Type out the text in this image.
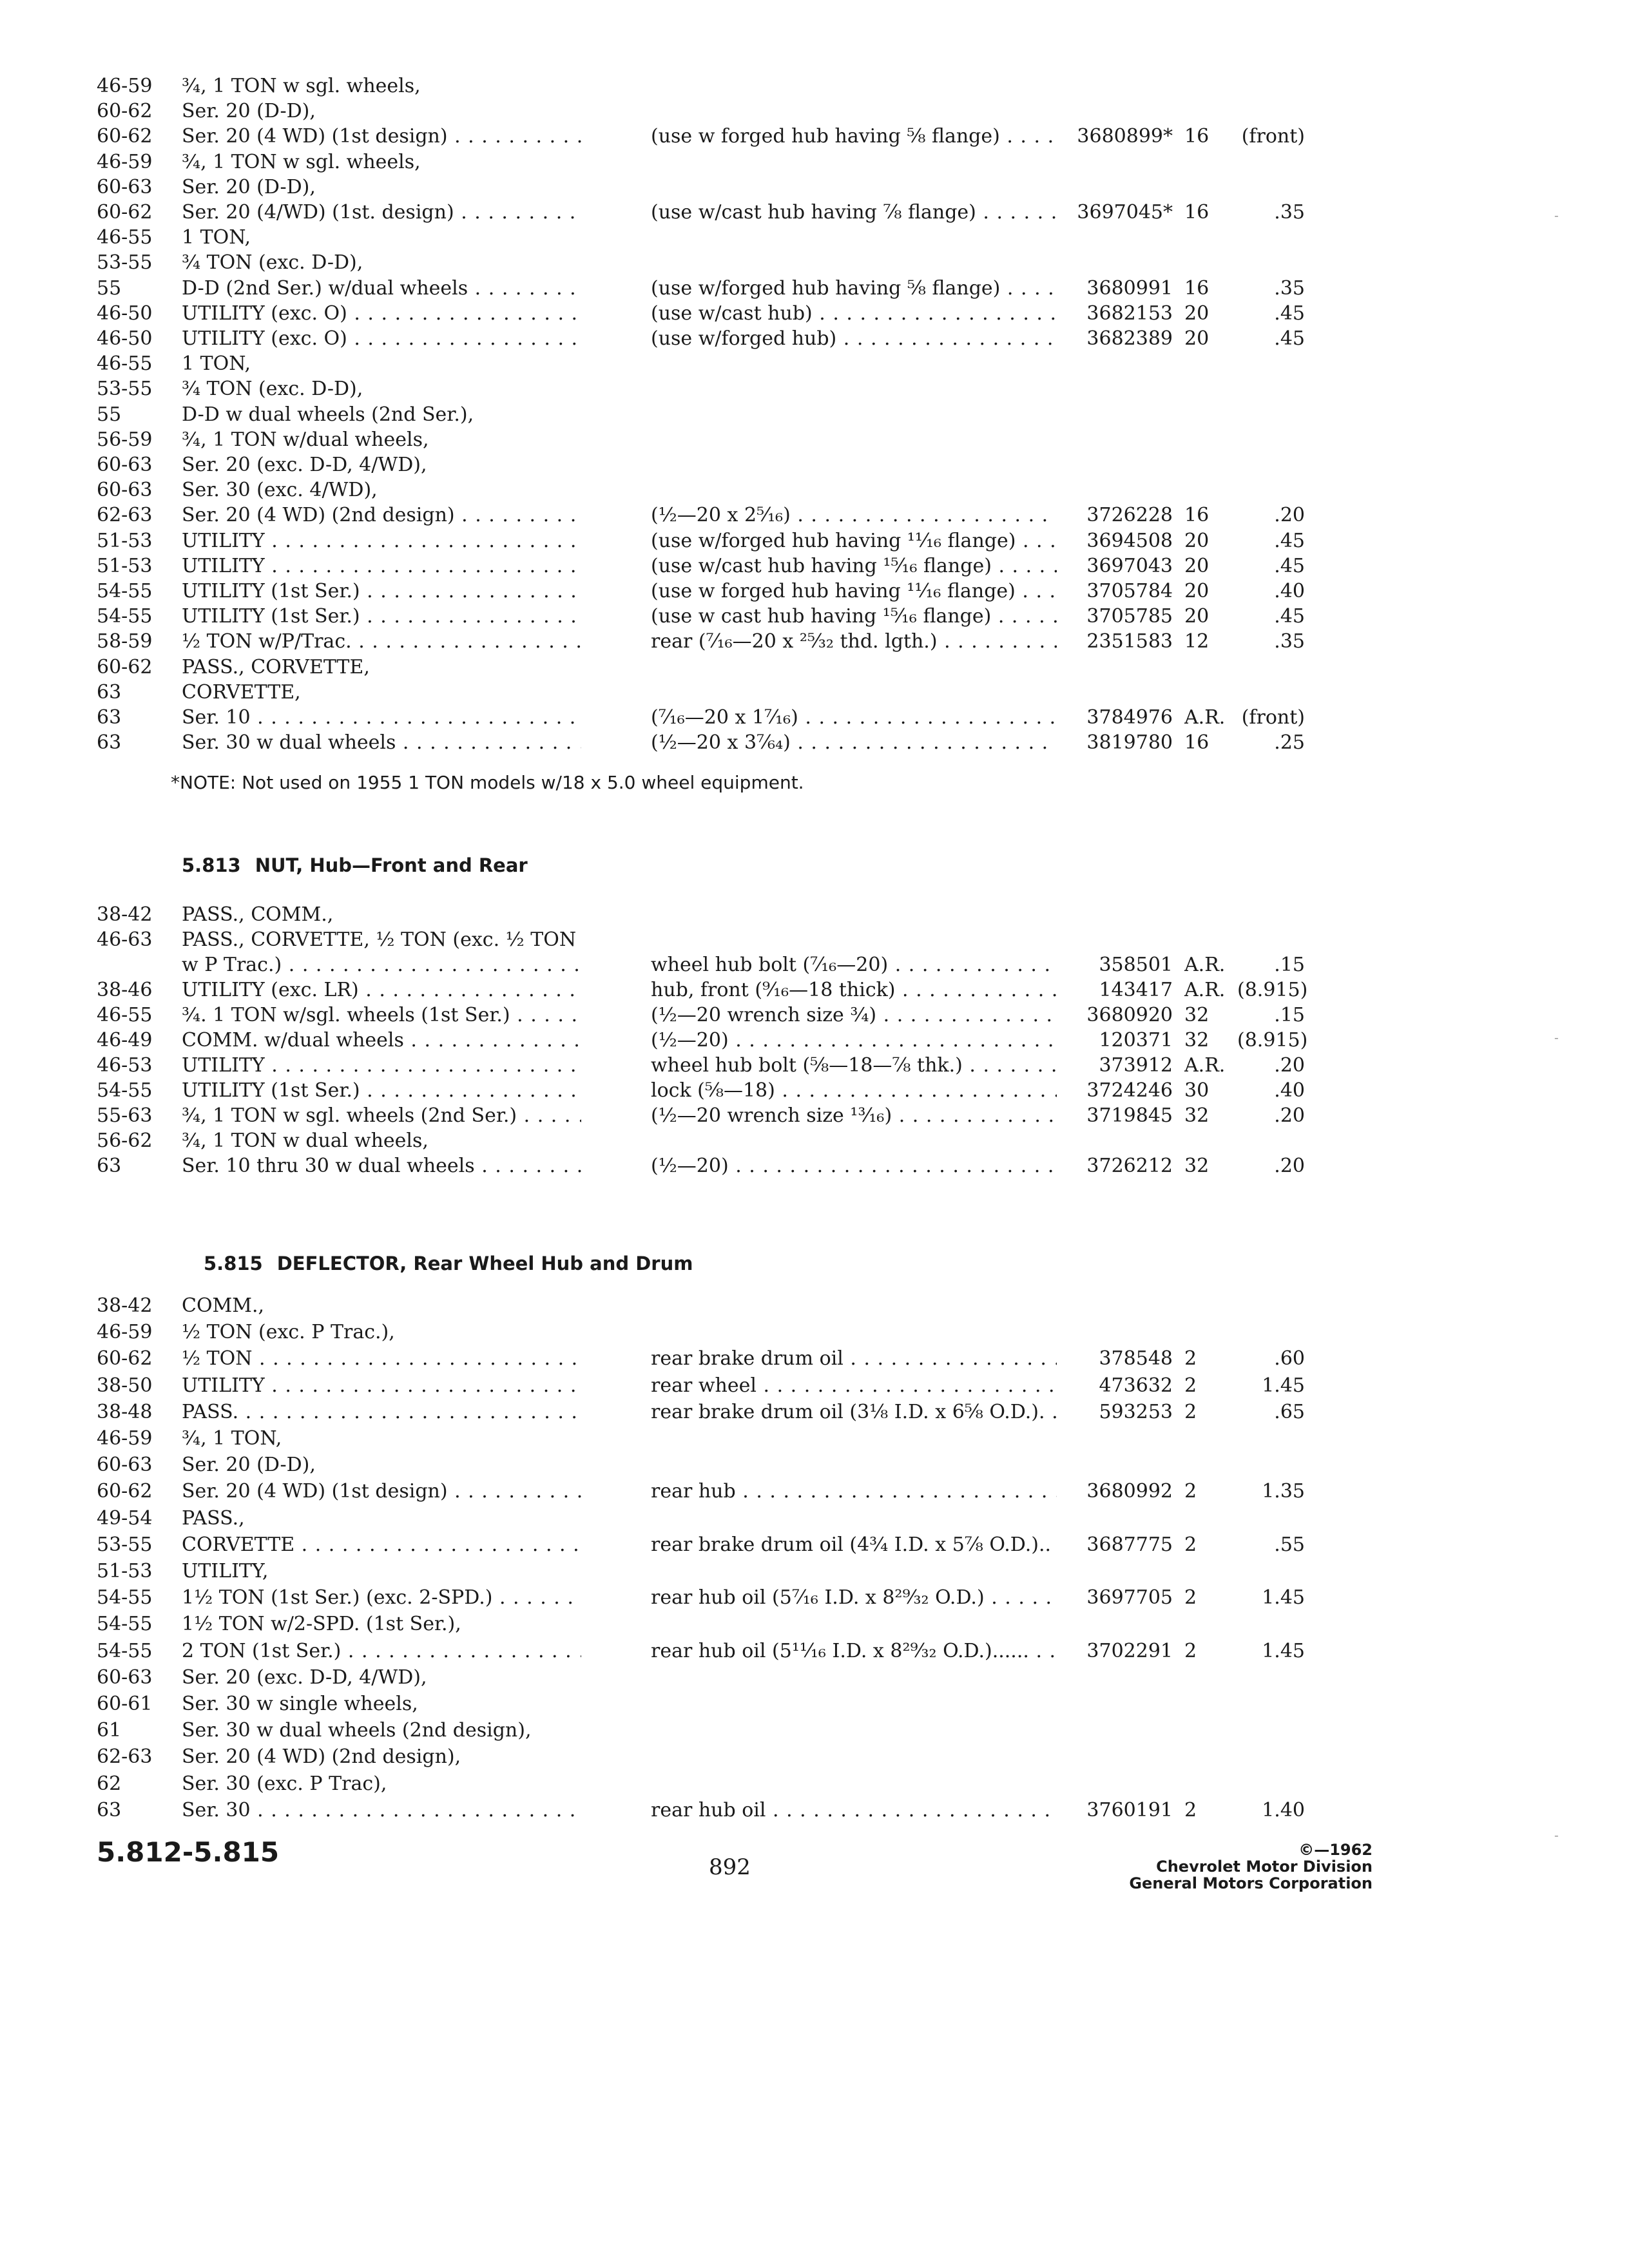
46-59 ¾, 1 TON w sgl. wheels,
60-62 Ser. 20 (D-D),
60-62 Ser. 20 (4 WD) (1st design) . . .	(use w forged hub having ⅝ flange) . . .	3680899* 16	(front)
46-59 ¾, 1 TON w sgl. wheels,
60-63 Ser. 20 (D-D),
60-62 Ser. 20 (4/WD) (1st. design) . . .	(use w/cast hub having ⅞ flange) . . .	3697045* 16	.35
46-55 1 TON,
53-55 ¾ TON (exc. D-D),
55	D-D (2nd Ser.) w/dual wheels . . .	(use w/forged hub having ⅝ flange) . . .	3680991 16	.35
46-50 UTILITY (exc. O) . . .	(use w/cast hub) . . .	3682153 20	.45
46-50 UTILITY (exc. O) . . .	(use w/forged hub) . . .	3682389 20	.45
46-55 1 TON,
53-55 ¾ TON (exc. D-D),
55	D-D w dual wheels (2nd Ser.),
56-59 ¾, 1 TON w/dual wheels,
60-63 Ser. 20 (exc. D-D, 4/WD),
60-63 Ser. 30 (exc. 4/WD),
62-63 Ser. 20 (4 WD) (2nd design) . . .	(½—20 x 2⁵⁄₁₆) . . .	3726228 16	.20
51-53 UTILITY . . .	(use w/forged hub having ¹¹⁄₁₆ flange) . . .	3694508 20	.45
51-53 UTILITY . . .	(use w/cast hub having ¹⁵⁄₁₆ flange) . . .	3697043 20	.45
54-55 UTILITY (1st Ser.) . . .	(use w forged hub having ¹¹⁄₁₆ flange) . . .	3705784 20	.40
54-55 UTILITY (1st Ser.) . . .	(use w cast hub having ¹⁵⁄₁₆ flange) . . .	3705785 20	.45
58-59 ½ TON w/P/Trac. . . .	rear (⁷⁄₁₆—20 x ²⁵⁄₃₂ thd. lgth.) . . .	2351583 12	.35
60-62 PASS., CORVETTE,
63	CORVETTE,
63	Ser. 10 . . .	(⁷⁄₁₆—20 x 1⁷⁄₁₆) . . .	3784976 A.R. (front)
63	Ser. 30 w dual wheels . . .	(½—20 x 3⁷⁄₆₄) . . .	3819780 16	.25
*NOTE: Not used on 1955 1 TON models w/18 x 5.0 wheel equipment.
5.813 NUT, Hub—Front and Rear
38-42 PASS., COMM.,
46-63 PASS., CORVETTE, ½ TON (exc. ½ TON
w P Trac.) . . .	wheel hub bolt (⁷⁄₁₆—20) . . .	358501 A.R.	.15
38-46 UTILITY (exc. LR) . . .	hub, front (⁹⁄₁₆—18 thick) . . .	143417 A.R. (8.915)
46-55 ¾. 1 TON w/sgl. wheels (1st Ser.) . . .	(½—20 wrench size ¾) . . .	3680920 32	.15
46-49 COMM. w/dual wheels . . .	(½—20) . . .	120371 32	(8.915)
46-53 UTILITY . . .	wheel hub bolt (⅝—18—⅞ thk.) . . .	373912 A.R.	.20
54-55 UTILITY (1st Ser.) . . .	lock (⅝—18) . . .	3724246 30	.40
55-63 ¾, 1 TON w sgl. wheels (2nd Ser.) . . .	(½—20 wrench size ¹³⁄₁₆) . . .	3719845 32	.20
56-62 ¾, 1 TON w dual wheels,
63	Ser. 10 thru 30 w dual wheels . . .	(½—20) . . .	3726212 32	.20
5.815 DEFLECTOR, Rear Wheel Hub and Drum
38-42 COMM.,
46-59 ½ TON (exc. P Trac.),
60-62 ½ TON . . .	rear brake drum oil . . .	378548 2	.60
38-50 UTILITY . . .	rear wheel . . .	473632 2	1.45
38-48 PASS. . . .	rear brake drum oil (3⅛ I.D. x 6⅝ O.D.). . . .	593253 2	.65
46-59 ¾, 1 TON,
60-63 Ser. 20 (D-D),
60-62 Ser. 20 (4 WD) (1st design) . . .	rear hub . . .	3680992 2	1.35
49-54 PASS.,
53-55 CORVETTE . . .	rear brake drum oil (4¾ I.D. x 5⅞ O.D.).. . . .	3687775 2	.55
51-53 UTILITY,
54-55 1½ TON (1st Ser.) (exc. 2-SPD.) . . .	rear hub oil (5⁷⁄₁₆ I.D. x 8²⁹⁄₃₂ O.D.) . . .	3697705 2	1.45
54-55 1½ TON w/2-SPD. (1st Ser.),
54-55 2 TON (1st Ser.) . . .	rear hub oil (5¹¹⁄₁₆ I.D. x 8²⁹⁄₃₂ O.D.)...... . . .	3702291 2	1.45
60-63 Ser. 20 (exc. D-D, 4/WD),
60-61 Ser. 30 w single wheels,
61	Ser. 30 w dual wheels (2nd design),
62-63 Ser. 20 (4 WD) (2nd design),
62	Ser. 30 (exc. P Trac),
63	Ser. 30 . . .	rear hub oil . . .	3760191 2	1.40
5.812-5.815	892
©—1962
Chevrolet Motor Division
General Motors Corporation
-
-
-
